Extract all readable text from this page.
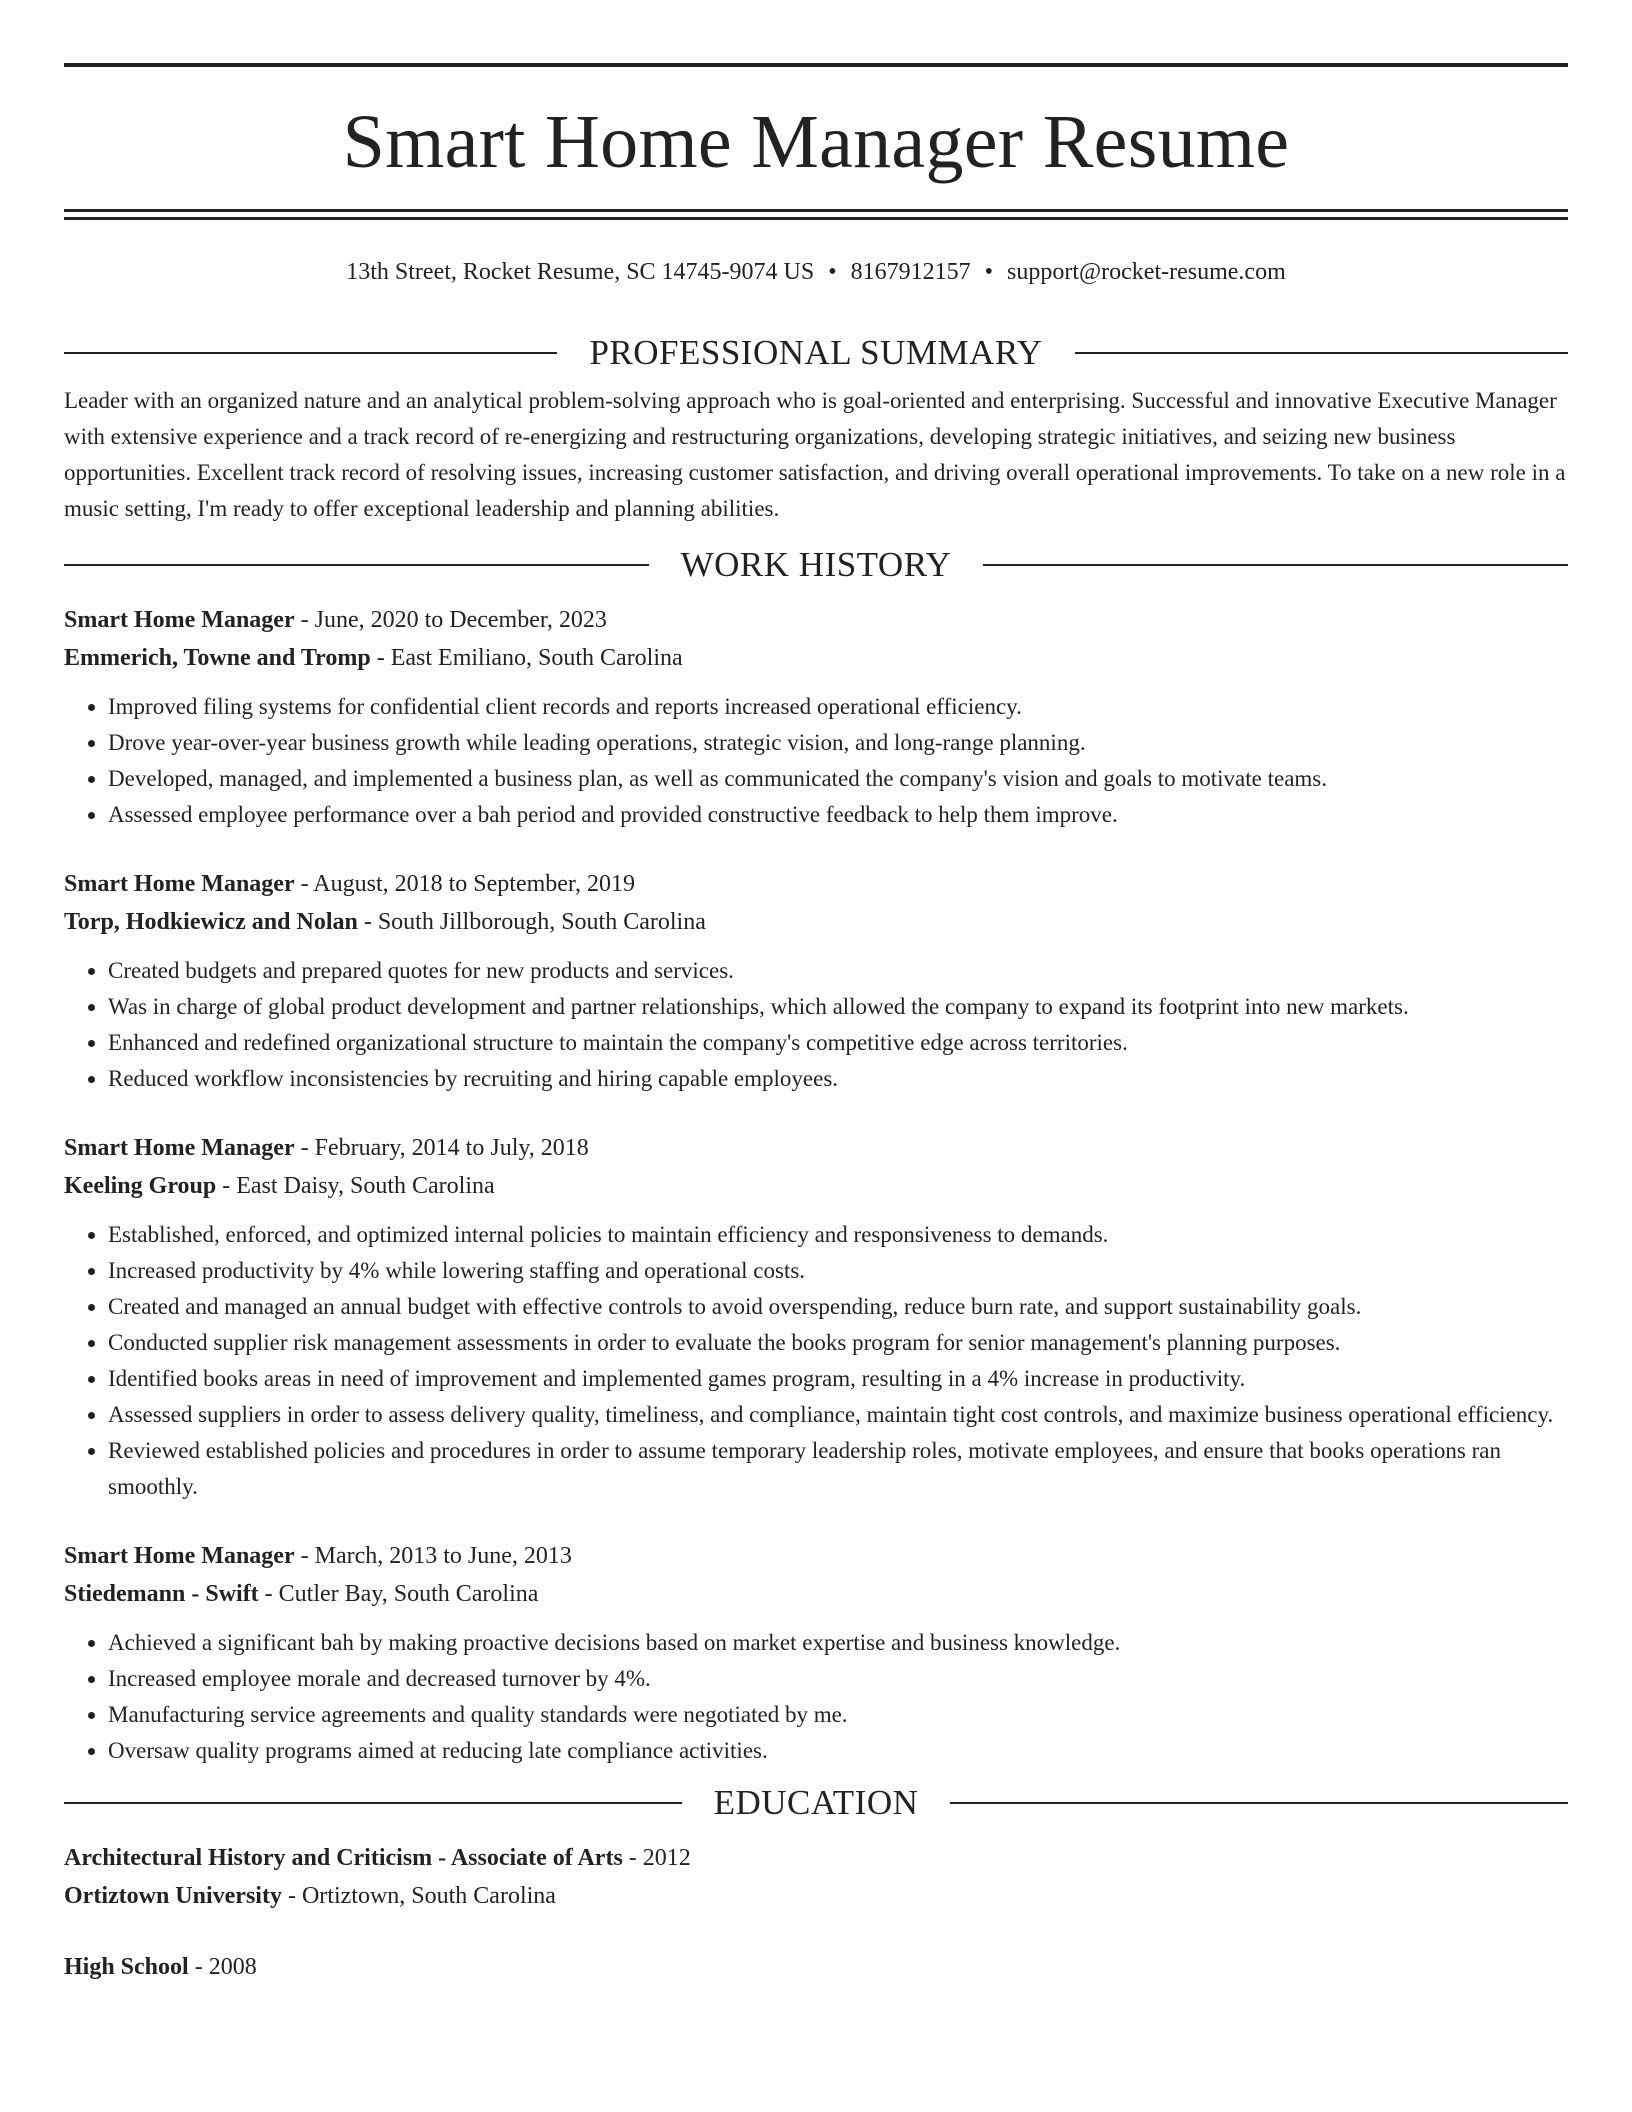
Smart Home Manager Resume
13th Street, Rocket Resume, SC 14745-9074 US • 8167912157 • support@rocket-resume.com
PROFESSIONAL SUMMARY
Leader with an organized nature and an analytical problem-solving approach who is goal-oriented and enterprising. Successful and innovative Executive Manager with extensive experience and a track record of re-energizing and restructuring organizations, developing strategic initiatives, and seizing new business opportunities. Excellent track record of resolving issues, increasing customer satisfaction, and driving overall operational improvements. To take on a new role in a music setting, I'm ready to offer exceptional leadership and planning abilities.
WORK HISTORY
Smart Home Manager - June, 2020 to December, 2023
Emmerich, Towne and Tromp - East Emiliano, South Carolina
• Improved filing systems for confidential client records and reports increased operational efficiency.
• Drove year-over-year business growth while leading operations, strategic vision, and long-range planning.
• Developed, managed, and implemented a business plan, as well as communicated the company's vision and goals to motivate teams.
• Assessed employee performance over a bah period and provided constructive feedback to help them improve.
Smart Home Manager - August, 2018 to September, 2019
Torp, Hodkiewicz and Nolan - South Jillborough, South Carolina
• Created budgets and prepared quotes for new products and services.
• Was in charge of global product development and partner relationships, which allowed the company to expand its footprint into new markets.
• Enhanced and redefined organizational structure to maintain the company's competitive edge across territories.
• Reduced workflow inconsistencies by recruiting and hiring capable employees.
Smart Home Manager - February, 2014 to July, 2018
Keeling Group - East Daisy, South Carolina
• Established, enforced, and optimized internal policies to maintain efficiency and responsiveness to demands.
• Increased productivity by 4% while lowering staffing and operational costs.
• Created and managed an annual budget with effective controls to avoid overspending, reduce burn rate, and support sustainability goals.
• Conducted supplier risk management assessments in order to evaluate the books program for senior management's planning purposes.
• Identified books areas in need of improvement and implemented games program, resulting in a 4% increase in productivity.
• Assessed suppliers in order to assess delivery quality, timeliness, and compliance, maintain tight cost controls, and maximize business operational efficiency.
• Reviewed established policies and procedures in order to assume temporary leadership roles, motivate employees, and ensure that books operations ran smoothly.
Smart Home Manager - March, 2013 to June, 2013
Stiedemann - Swift - Cutler Bay, South Carolina
• Achieved a significant bah by making proactive decisions based on market expertise and business knowledge.
• Increased employee morale and decreased turnover by 4%.
• Manufacturing service agreements and quality standards were negotiated by me.
• Oversaw quality programs aimed at reducing late compliance activities.
EDUCATION
Architectural History and Criticism - Associate of Arts - 2012
Ortiztown University - Ortiztown, South Carolina
High School - 2008
